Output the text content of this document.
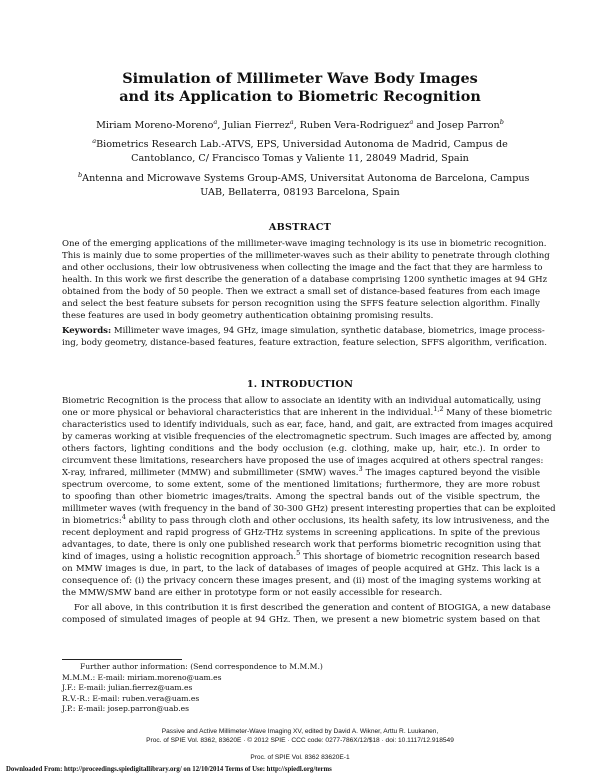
Simulation of Millimeter Wave Body Images
and its Application to Biometric Recognition
Miriam Moreno-Moreno$^a$, Julian Fierrez$^a$, Ruben Vera-Rodriguez$^a$ and Josep Parron$^b$
$^a$Biometrics Research Lab.-ATVS, EPS, Universidad Autonoma de Madrid, Campus de
Cantoblanco, C/ Francisco Tomas y Valiente 11, 28049 Madrid, Spain
$^b$Antenna and Microwave Systems Group-AMS, Universitat Autonoma de Barcelona, Campus
UAB, Bellaterra, 08193 Barcelona, Spain
ABSTRACT
One of the emerging applications of the millimeter-wave imaging technology is its use in biometric recognition.
This is mainly due to some properties of the millimeter-waves such as their ability to penetrate through clothing
and other occlusions, their low obtrusiveness when collecting the image and the fact that they are harmless to
health. In this work we first describe the generation of a database comprising 1200 synthetic images at 94 GHz
obtained from the body of 50 people. Then we extract a small set of distance-based features from each image
and select the best feature subsets for person recognition using the SFFS feature selection algorithm. Finally
these features are used in body geometry authentication obtaining promising results.
Keywords: Millimeter wave images, 94 GHz, image simulation, synthetic database, biometrics, image process-
ing, body geometry, distance-based features, feature extraction, feature selection, SFFS algorithm, verification.
1. INTRODUCTION
Biometric Recognition is the process that allow to associate an identity with an individual automatically, using
one or more physical or behavioral characteristics that are inherent in the individual.$^{1,2}$ Many of these biometric
characteristics used to identify individuals, such as ear, face, hand, and gait, are extracted from images acquired
by cameras working at visible frequencies of the electromagnetic spectrum. Such images are affected by, among
others factors, lighting conditions and the body occlusion (e.g. clothing, make up, hair, etc.). In order to
circumvent these limitations, researchers have proposed the use of images acquired at others spectral ranges:
X-ray, infrared, millimeter (MMW) and submillimeter (SMW) waves.$^3$ The images captured beyond the visible
spectrum overcome, to some extent, some of the mentioned limitations; furthermore, they are more robust
to spoofing than other biometric images/traits. Among the spectral bands out of the visible spectrum, the
millimeter waves (with frequency in the band of 30-300 GHz) present interesting properties that can be exploited
in biometrics:$^4$ ability to pass through cloth and other occlusions, its health safety, its low intrusiveness, and the
recent deployment and rapid progress of GHz-THz systems in screening applications. In spite of the previous
advantages, to date, there is only one published research work that performs biometric recognition using that
kind of images, using a holistic recognition approach.$^5$ This shortage of biometric recognition research based
on MMW images is due, in part, to the lack of databases of images of people acquired at GHz. This lack is a
consequence of: (i) the privacy concern these images present, and (ii) most of the imaging systems working at
the MMW/SMW band are either in prototype form or not easily accessible for research.
For all above, in this contribution it is first described the generation and content of BIOGIGA, a new database
composed of simulated images of people at 94 GHz. Then, we present a new biometric system based on that
Further author information: (Send correspondence to M.M.M.)
M.M.M.: E-mail: miriam.moreno@uam.es
J.F.: E-mail: julian.fierrez@uam.es
R.V.-R.: E-mail: ruben.vera@uam.es
J.P.: E-mail: josep.parron@uab.es
Passive and Active Millimeter-Wave Imaging XV, edited by David A. Wikner, Arttu R. Luukanen,
Proc. of SPIE Vol. 8362, 83620E · © 2012 SPIE · CCC code: 0277-786X/12/$18 · doi: 10.1117/12.918549
Proc. of SPIE Vol. 8362 83620E-1
Downloaded From: http://proceedings.spiedigitallibrary.org/ on 12/10/2014 Terms of Use: http://spiedl.org/terms
